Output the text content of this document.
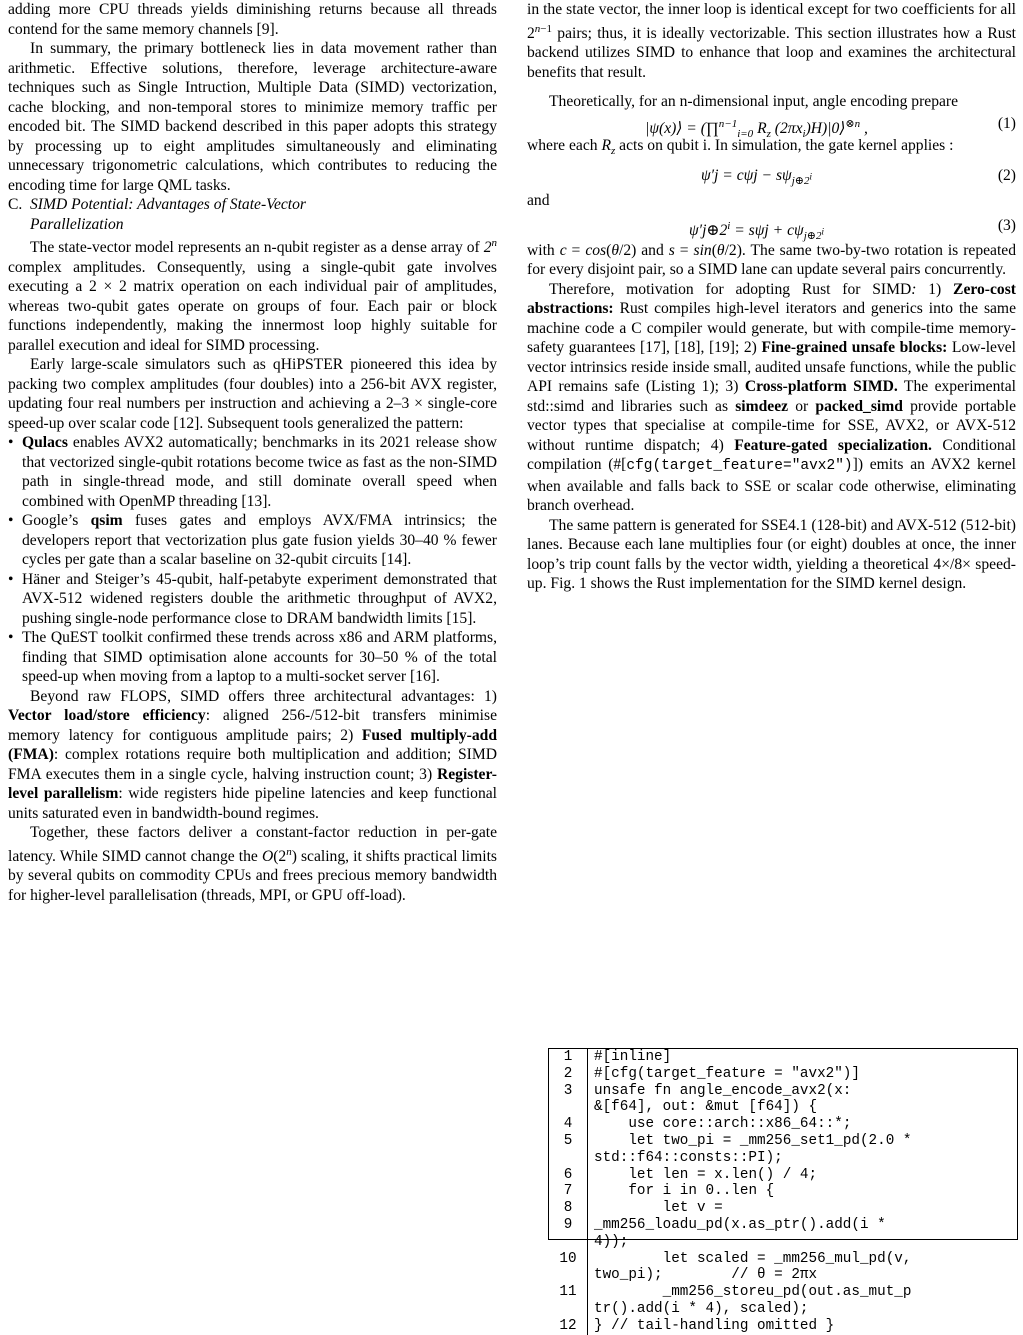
adding more CPU threads yields diminishing returns because all threads contend for the same memory channels [9].

In summary, the primary bottleneck lies in data movement rather than arithmetic. Effective solutions, therefore, leverage architecture-aware techniques such as Single Intruction, Multiple Data (SIMD) vectorization, cache blocking, and non-temporal stores to minimize memory traffic per encoded bit. The SIMD backend described in this paper adopts this strategy by processing up to eight amplitudes simultaneously and eliminating unnecessary trigonometric calculations, which contributes to reducing the encoding time for large QML tasks.

C. SIMD Potential: Advantages of State-Vector
Parallelization

The state-vector model represents an n-qubit register as a dense array of 2$^n$ complex amplitudes. Consequently, using a single-qubit gate involves executing a 2 × 2 matrix operation on each individual pair of amplitudes, whereas two-qubit gates operate on groups of four. Each pair or block functions independently, making the innermost loop highly suitable for parallel execution and ideal for SIMD processing.

Early large-scale simulators such as qHiPSTER pioneered this idea by packing two complex amplitudes (four doubles) into a 256-bit AVX register, updating four real numbers per instruction and achieving a 2–3 × single-core speed-up over scalar code [12]. Subsequent tools generalized the pattern:

• Qulacs enables AVX2 automatically; benchmarks in its 2021 release show that vectorized single-qubit rotations become twice as fast as the non-SIMD path in single-thread mode, and still dominate overall speed when combined with OpenMP threading [13].
• Google’s qsim fuses gates and employs AVX/FMA intrinsics; the developers report that vectorization plus gate fusion yields 30–40 % fewer cycles per gate than a scalar baseline on 32-qubit circuits [14].
• Häner and Steiger’s 45-qubit, half-petabyte experiment demonstrated that AVX-512 widened registers double the arithmetic throughput of AVX2, pushing single-node performance close to DRAM bandwidth limits [15].
• The QuEST toolkit confirmed these trends across x86 and ARM platforms, finding that SIMD optimisation alone accounts for 30–50 % of the total speed-up when moving from a laptop to a multi-socket server [16].

Beyond raw FLOPS, SIMD offers three architectural advantages: 1) Vector load/store efficiency: aligned 256-/512-bit transfers minimise memory latency for contiguous amplitude pairs; 2) Fused multiply-add (FMA): complex rotations require both multiplication and addition; SIMD FMA executes them in a single cycle, halving instruction count; 3) Register-level parallelism: wide registers hide pipeline latencies and keep functional units saturated even in bandwidth-bound regimes.

Together, these factors deliver a constant-factor reduction in per-gate latency. While SIMD cannot change the O(2$^n$) scaling, it shifts practical limits by several qubits on commodity CPUs and frees precious memory bandwidth for higher-level parallelisation (threads, MPI, or GPU off-load).

in the state vector, the inner loop is identical except for two coefficients for all $2^{n-1}$ pairs; thus, it is ideally vectorizable. This section illustrates how a Rust backend utilizes SIMD to enhance that loop and examines the architectural benefits that result.

Theoretically, for an n-dimensional input, angle encoding prepare

|ψ(x)⟩ = (∏$^{n-1}_{i=0}$ $R_z$ $(2\pi x_i)H)|0⟩^{\otimes n}$ ,	(1)

where each $R_z$ acts on qubit i. In simulation, the gate kernel applies :

$\psi'j = c\psi j - s\psi_{j\oplus 2^i}$	(2)

and

$\psi'j\oplus 2^i = s\psi j + c\psi_{j\oplus 2^i}$	(3)

with c = cos(θ/2) and s = sin(θ/2). The same two-by-two rotation is repeated for every disjoint pair, so a SIMD lane can update several pairs concurrently.

Therefore, motivation for adopting Rust for SIMD: 1) Zero-cost abstractions: Rust compiles high-level iterators and generics into the same machine code a C compiler would generate, but with compile-time memory-safety guarantees [17], [18], [19]; 2) Fine-grained unsafe blocks: Low-level vector intrinsics reside inside small, audited unsafe functions, while the public API remains safe (Listing 1); 3) Cross-platform SIMD. The experimental std::simd and libraries such as simdeez or packed_simd provide portable vector types that specialise at compile-time for SSE, AVX2, or AVX-512 without runtime dispatch; 4) Feature-gated specialization. Conditional compilation (#[cfg(target_feature="avx2")]) emits an AVX2 kernel when available and falls back to SSE or scalar code otherwise, eliminating branch overhead.

The same pattern is generated for SSE4.1 (128-bit) and AVX-512 (512-bit) lanes. Because each lane multiplies four (or eight) doubles at once, the inner loop’s trip count falls by the vector width, yielding a theoretical 4×/8× speed-up. Fig. 1 shows the Rust implementation for the SIMD kernel design.

1	#[inline]
2	#[cfg(target_feature = "avx2")]
3	unsafe fn angle_encode_avx2(x:
&[f64], out: &mut [f64]) {
4	use core::arch::x86_64::*;
5	let two_pi = _mm256_set1_pd(2.0 *
std::f64::consts::PI);
6	let len = x.len() / 4;
7	for i in 0..len {
8	let v =
9	_mm256_loadu_pd(x.as_ptr().add(i *
4));
10	let scaled = _mm256_mul_pd(v,
two_pi);        // θ = 2πx
11	_mm256_storeu_pd(out.as_mut_p
tr().add(i * 4), scaled);
12	} // tail-handling omitted }
